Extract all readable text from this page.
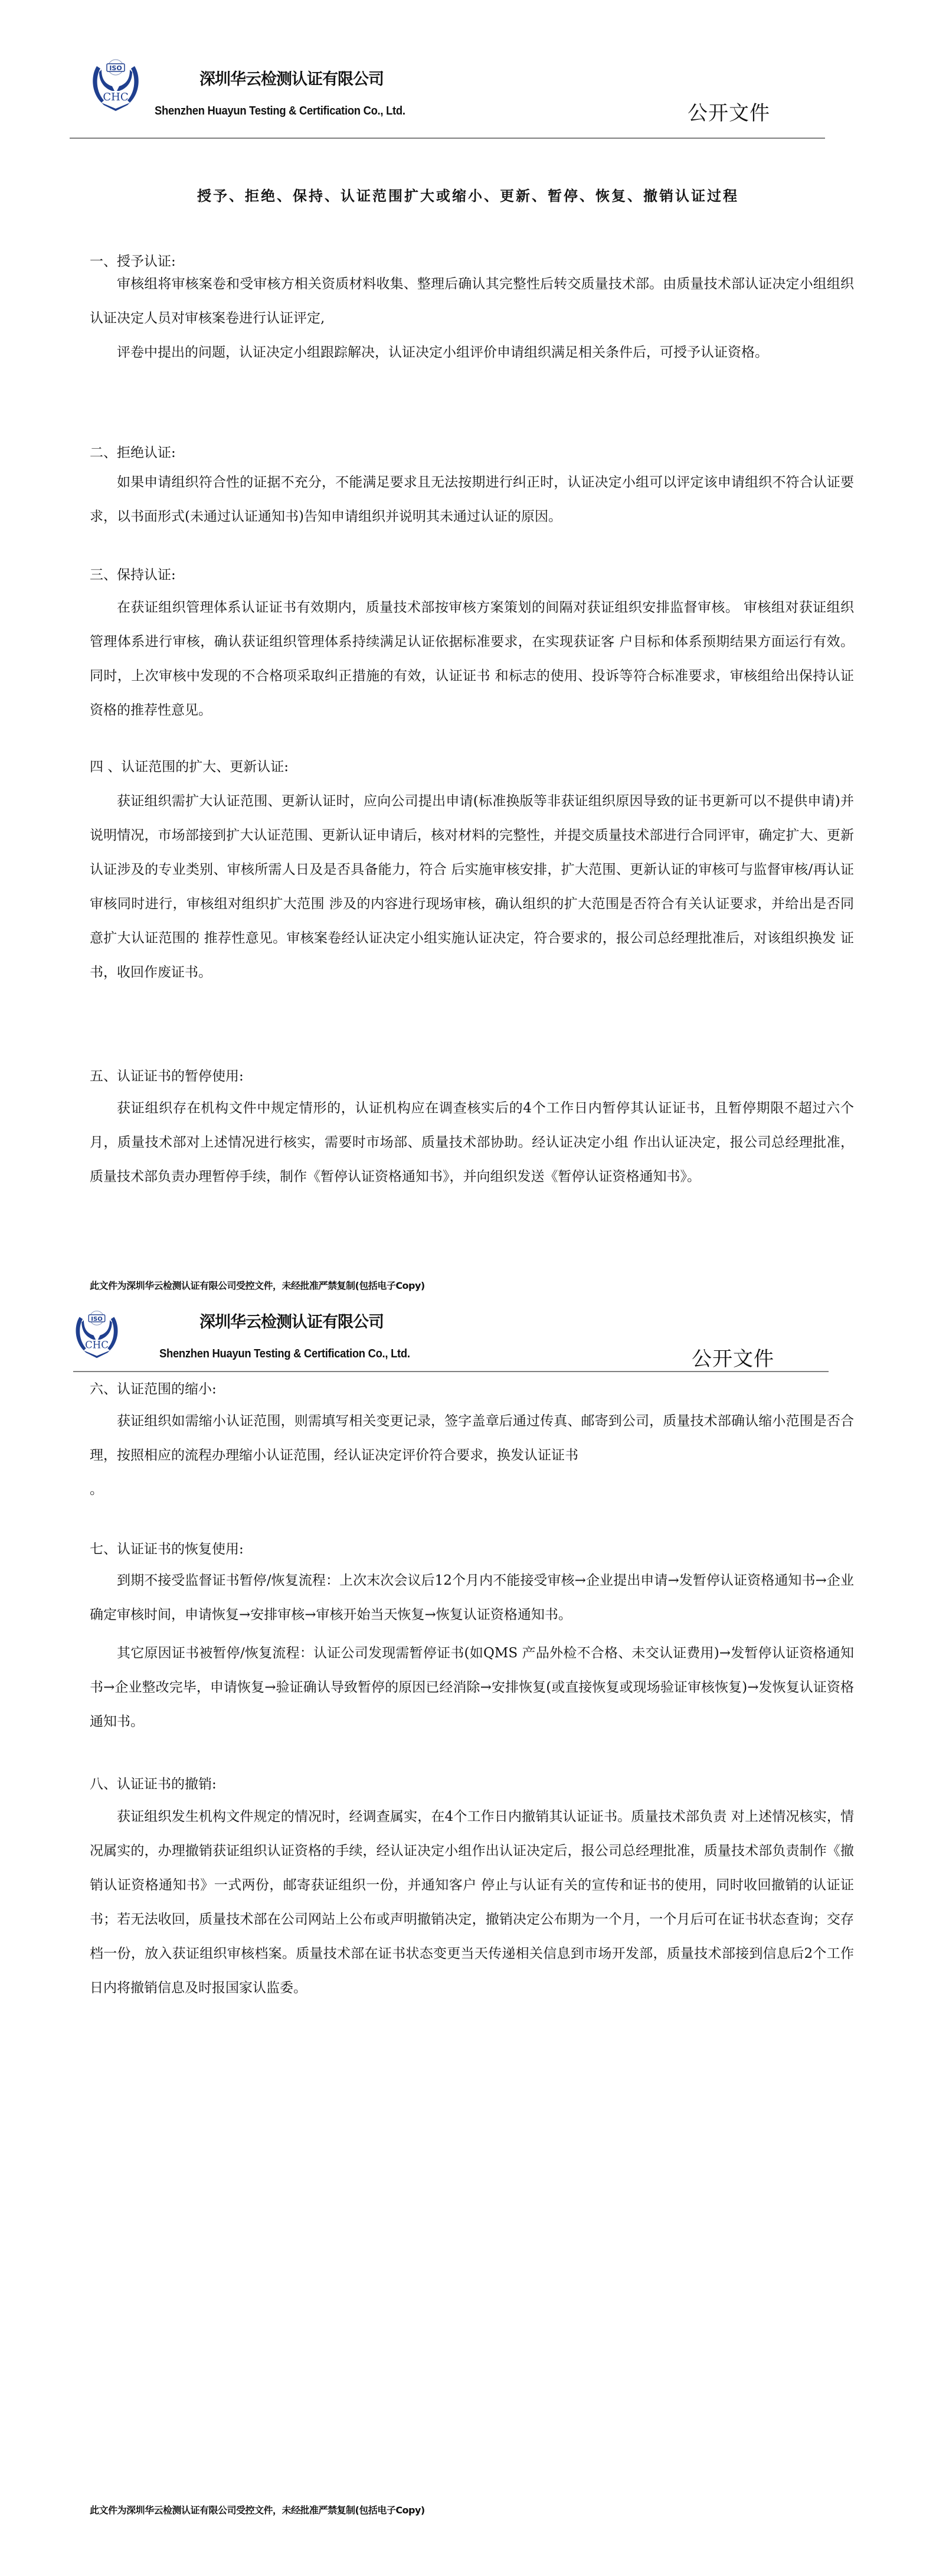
ISO
CHC
深圳华云检测认证有限公司
Shenzhen Huayun Testing & Certification Co., Ltd.	公开文件
授予、拒绝、保持、认证范围扩大或缩小、更新、暂停、恢复、撤销认证过程
一、授予认证:
审核组将审核案卷和受审核方相关资质材料收集、整理后确认其完整性后转交质量技术部。由质量技术部认证决定小组组织认证决定人员对审核案卷进行认证评定,
评卷中提出的问题，认证决定小组跟踪解决，认证决定小组评价申请组织满足相关条件后，可授予认证资格。
二、拒绝认证:
如果申请组织符合性的证据不充分，不能满足要求且无法按期进行纠正时，认证决定小组可以评定该申请组织不符合认证要求，以书面形式(未通过认证通知书)告知申请组织并说明其未通过认证的原因。
三、保持认证:
在获证组织管理体系认证证书有效期内，质量技术部按审核方案策划的间隔对获证组织安排监督审核。 审核组对获证组织管理体系进行审核，确认获证组织管理体系持续满足认证依据标准要求，在实现获证客 户目标和体系预期结果方面运行有效。同时，上次审核中发现的不合格项采取纠正措施的有效，认证证书 和标志的使用、投诉等符合标准要求，审核组给出保持认证资格的推荐性意见。
四 、认证范围的扩大、更新认证:
获证组织需扩大认证范围、更新认证时，应向公司提出申请(标准换版等非获证组织原因导致的证书更新可以不提供申请)并说明情况，市场部接到扩大认证范围、更新认证申请后，核对材料的完整性，并提交质量技术部进行合同评审，确定扩大、更新认证涉及的专业类别、审核所需人日及是否具备能力，符合 后实施审核安排，扩大范围、更新认证的审核可与监督审核/再认证审核同时进行，审核组对组织扩大范围 涉及的内容进行现场审核，确认组织的扩大范围是否符合有关认证要求，并给出是否同意扩大认证范围的 推荐性意见。审核案卷经认证决定小组实施认证决定，符合要求的，报公司总经理批准后，对该组织换发 证书，收回作废证书。
五、认证证书的暂停使用:
获证组织存在机构文件中规定情形的，认证机构应在调查核实后的4个工作日内暂停其认证证书，且暂停期限不超过六个月，质量技术部对上述情况进行核实，需要时市场部、质量技术部协助。经认证决定小组 作出认证决定，报公司总经理批准，质量技术部负责办理暂停手续，制作《暂停认证资格通知书》，并向组织发送《暂停认证资格通知书》。
此文件为深圳华云检测认证有限公司受控文件，未经批准严禁复制(包括电子Copy)
ISO
CHC
深圳华云检测认证有限公司
Shenzhen Huayun Testing & Certification Co., Ltd.	公开文件
六、认证范围的缩小:
获证组织如需缩小认证范围，则需填写相关变更记录，签字盖章后通过传真、邮寄到公司，质量技术部确认缩小范围是否合理，按照相应的流程办理缩小认证范围，经认证决定评价符合要求，换发认证证书
。
七、认证证书的恢复使用:
到期不接受监督证书暂停/恢复流程：上次末次会议后12个月内不能接受审核→企业提出申请→发暂停认证资格通知书→企业确定审核时间，申请恢复→安排审核→审核开始当天恢复→恢复认证资格通知书。
其它原因证书被暂停/恢复流程：认证公司发现需暂停证书(如QMS 产品外检不合格、未交认证费用)→发暂停认证资格通知书→企业整改完毕，申请恢复→验证确认导致暂停的原因已经消除→安排恢复(或直接恢复或现场验证审核恢复)→发恢复认证资格通知书。
八、认证证书的撤销:
获证组织发生机构文件规定的情况时，经调查属实，在4个工作日内撤销其认证证书。质量技术部负责 对上述情况核实，情况属实的，办理撤销获证组织认证资格的手续，经认证决定小组作出认证决定后，报公司总经理批准，质量技术部负责制作《撤销认证资格通知书》一式两份，邮寄获证组织一份，并通知客户 停止与认证有关的宣传和证书的使用，同时收回撤销的认证证书；若无法收回，质量技术部在公司网站上公布或声明撤销决定，撤销决定公布期为一个月，一个月后可在证书状态查询；交存档一份，放入获证组织审核档案。质量技术部在证书状态变更当天传递相关信息到市场开发部，质量技术部接到信息后2个工作日内将撤销信息及时报国家认监委。
此文件为深圳华云检测认证有限公司受控文件，未经批准严禁复制(包括电子Copy)
